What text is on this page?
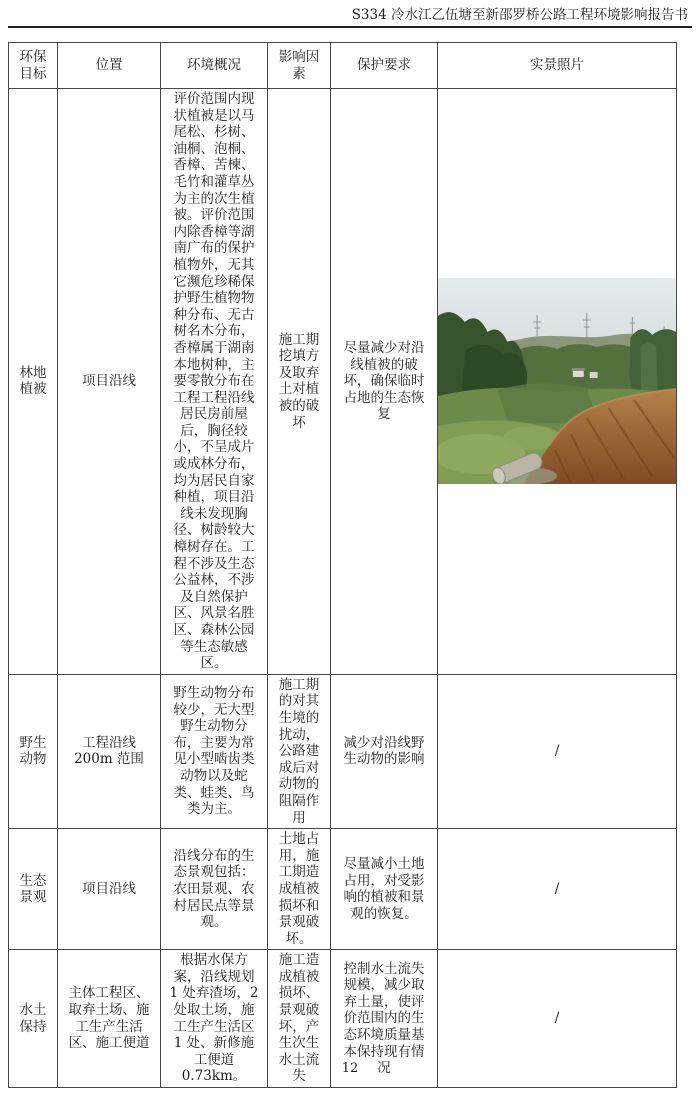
S334 冷水江乙伍塘至新邵罗桥公路工程环境影响报告书
环保目标	位置	环境概况	影响因素	保护要求	实景照片
林地植被	项目沿线	评价范围内现状植被是以马尾松、杉树、油桐、泡桐、香樟、苦楝、毛竹和灌草丛为主的次生植被。评价范围内除香樟等湖南广布的保护植物外，无其它濒危珍稀保护野生植物物种分布、无古树名木分布，香樟属于湖南本地树种，主要零散分布在工程工程沿线居民房前屋后，胸径较小，不呈成片或成林分布，均为居民自家种植，项目沿线未发现胸径、树龄较大樟树存在。工程不涉及生态公益林，不涉及自然保护区、风景名胜区、森林公园等生态敏感区。	施工期挖填方及取弃土对植被的破坏	尽量减少对沿线植被的破坏，确保临时占地的生态恢复	

野生动物	工程沿线 200m 范围	野生动物分布较少，无大型野生动物分布，主要为常见小型啮齿类动物以及蛇类、蛙类、鸟类为主。	施工期的对其生境的扰动，公路建成后对动物的阻隔作用	减少对沿线野生动物的影响	/
生态景观	项目沿线	沿线分布的生态景观包括：农田景观、农村居民点等景观。	土地占用，施工期造成植被损坏和景观破坏。	尽量减小土地占用，对受影响的植被和景观的恢复。	/
水土保持	主体工程区、取弃土场、施工生产生活区、施工便道	根据水保方案，沿线规划 1 处弃渣场，2 处取土场，施工生产生活区 1 处、新修施工便道 0.73km。	施工造成植被损坏、景观破坏，产生次生水土流失	控制水土流失规模，减少取弃土量，使评价范围内的生态环境质量基本保持现有情况	/
12
